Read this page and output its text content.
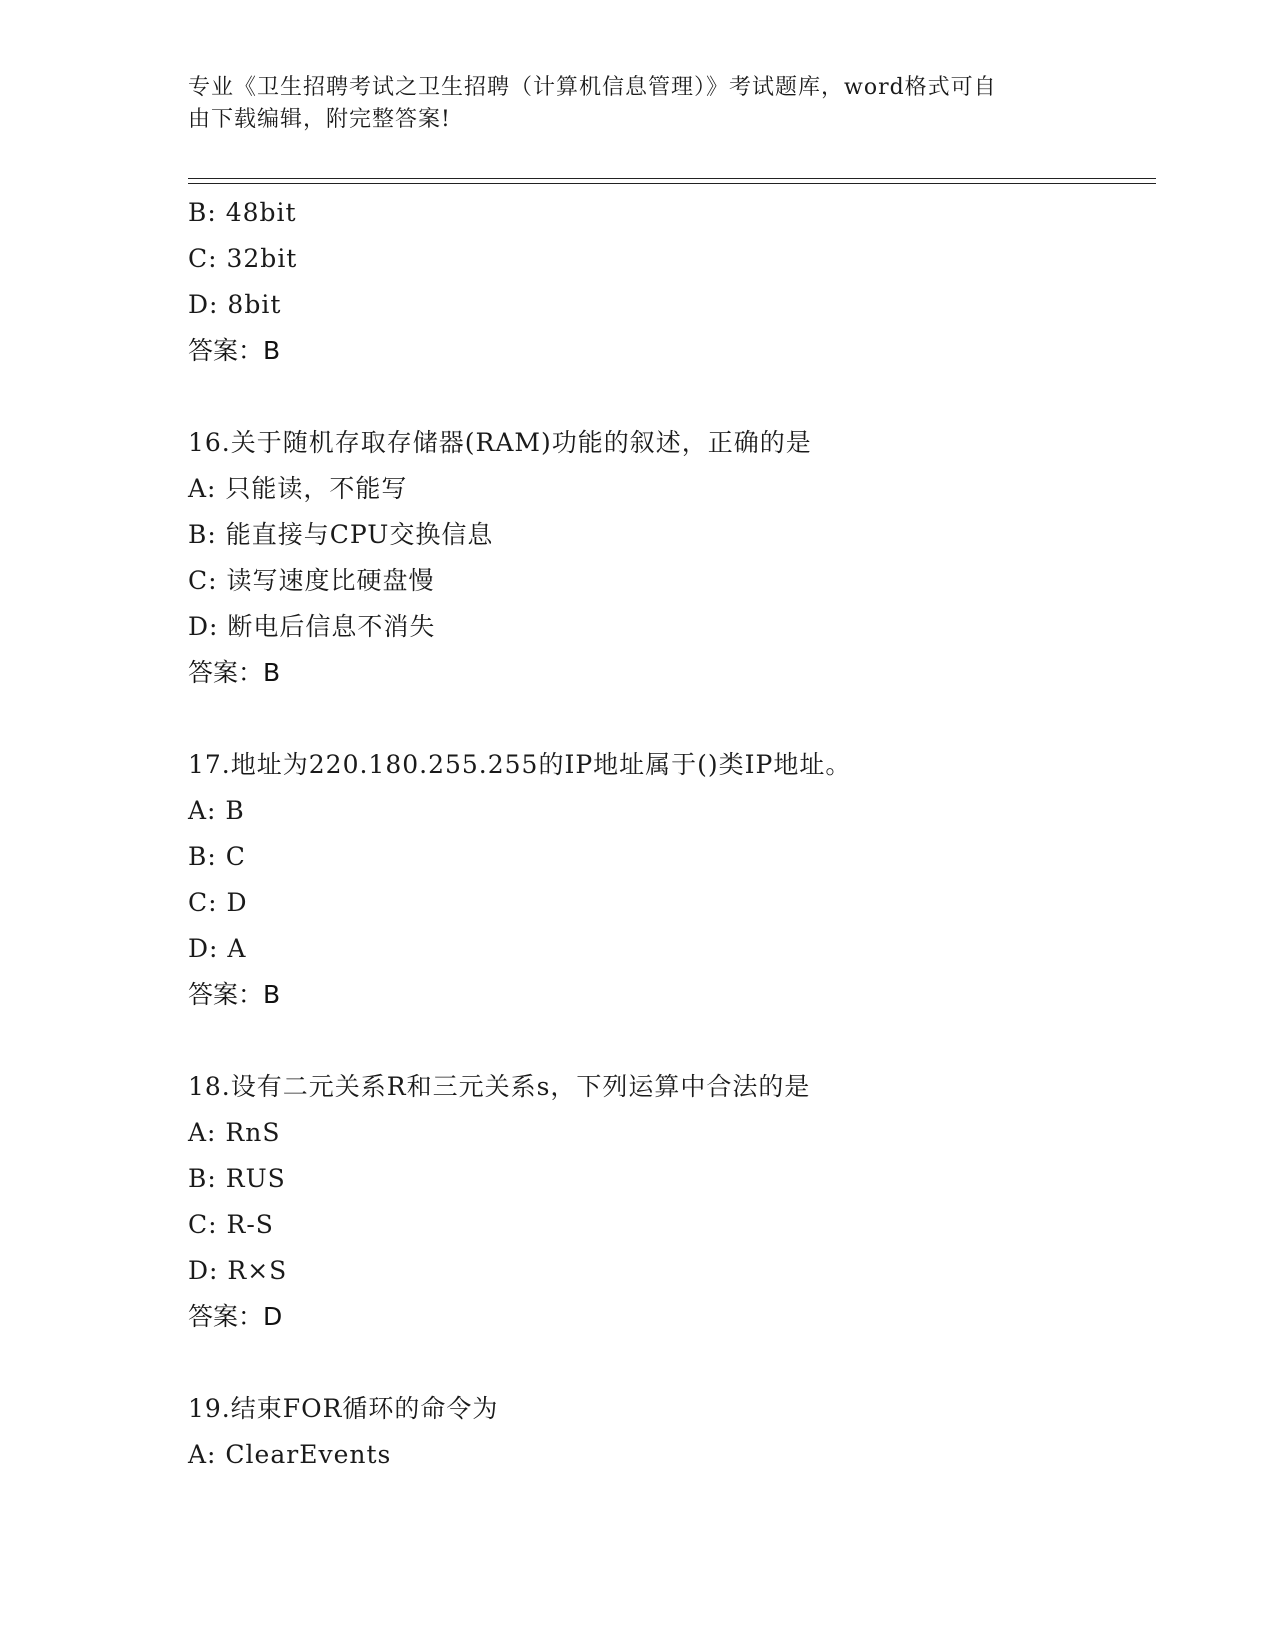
专业《卫生招聘考试之卫生招聘（计算机信息管理）》考试题库，word格式可自
由下载编辑，附完整答案!
B: 48bit
C: 32bit
D: 8bit
答案：B
16.关于随机存取存储器(RAM)功能的叙述，正确的是
A: 只能读，不能写
B: 能直接与CPU交换信息
C: 读写速度比硬盘慢
D: 断电后信息不消失
答案：B
17.地址为220.180.255.255的IP地址属于()类IP地址。
A: B
B: C
C: D
D: A
答案：B
18.设有二元关系R和三元关系s，下列运算中合法的是
A: RnS
B: RUS
C: R-S
D: R×S
答案：D
19.结束FOR循环的命令为
A: ClearEvents
